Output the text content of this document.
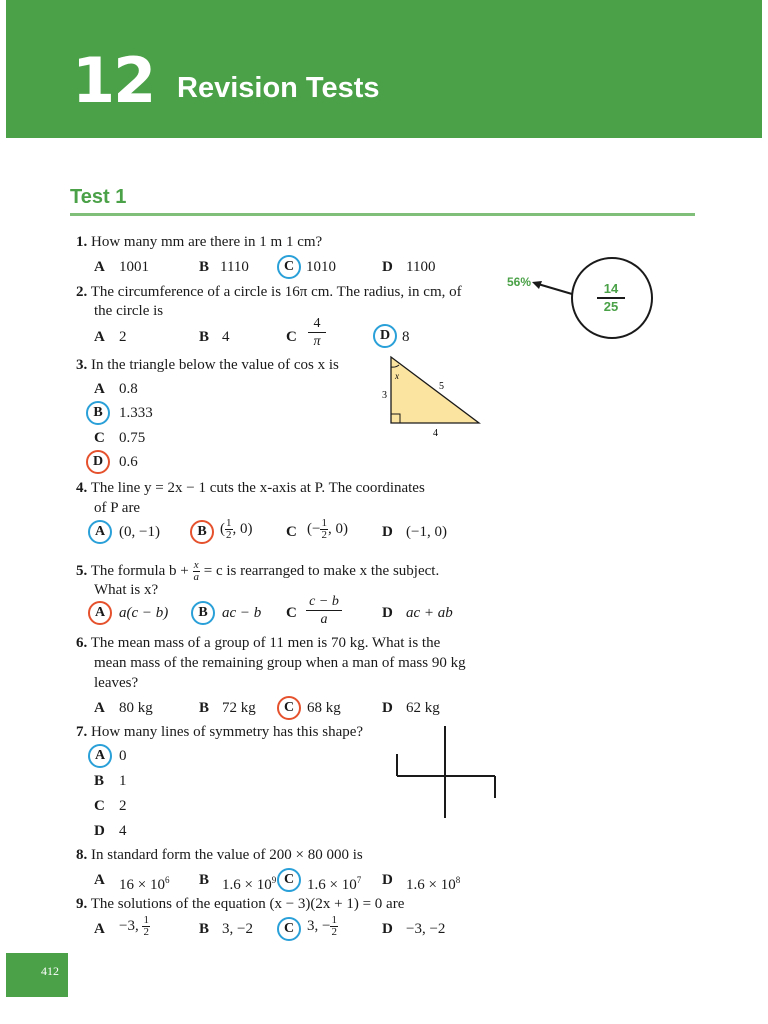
12 Revision Tests
Test 1
56%	$\frac{14}{25}$
1. How many mm are there in 1 m 1 cm?
A 1001	B 1110	C 1010	D 1100
2. The circumference of a circle is 16π cm. The radius, in cm, of
the circle is
A 2	B 4	C $\frac{4}{\pi}$	D 8
3. In the triangle below the value of cos x is
A 0.8
B	1.333
C 0.75
D	0.6
x
3
5
4
4. The line y = 2x − 1 cuts the x-axis at P. The coordinates
of P are
A (0, −1)	B ( $\frac{1}{2}$ , 0) C (− $\frac{1}{2}$ , 0) D (−1, 0)
5. The formula $b + \frac{x}{a} = c$ is rearranged to make x the subject.
What is x?
A a(c − b)	B ac − b C $\frac{c - b}{a}$	D ac + ab
6. The mean mass of a group of 11 men is 70 kg. What is the
mean mass of the remaining group when a man of mass 90 kg
leaves?
A 80 kg	B 72 kg	C 68 kg	D 62 kg
7. How many lines of symmetry has this shape?
A 0
B 1
C 2
D 4
8. In standard form the value of 200 × 80 000 is
A $16 \times 10^6$ B $1.6 \times 10^9$ C $1.6 \times 10^7$ D $1.6 \times 10^8$
9. The solutions of the equation (x − 3)(2x + 1) = 0 are
A −3, $\frac{1}{2}$	B 3, −2	C 3, − $\frac{1}{2}$	D −3, −2
412
